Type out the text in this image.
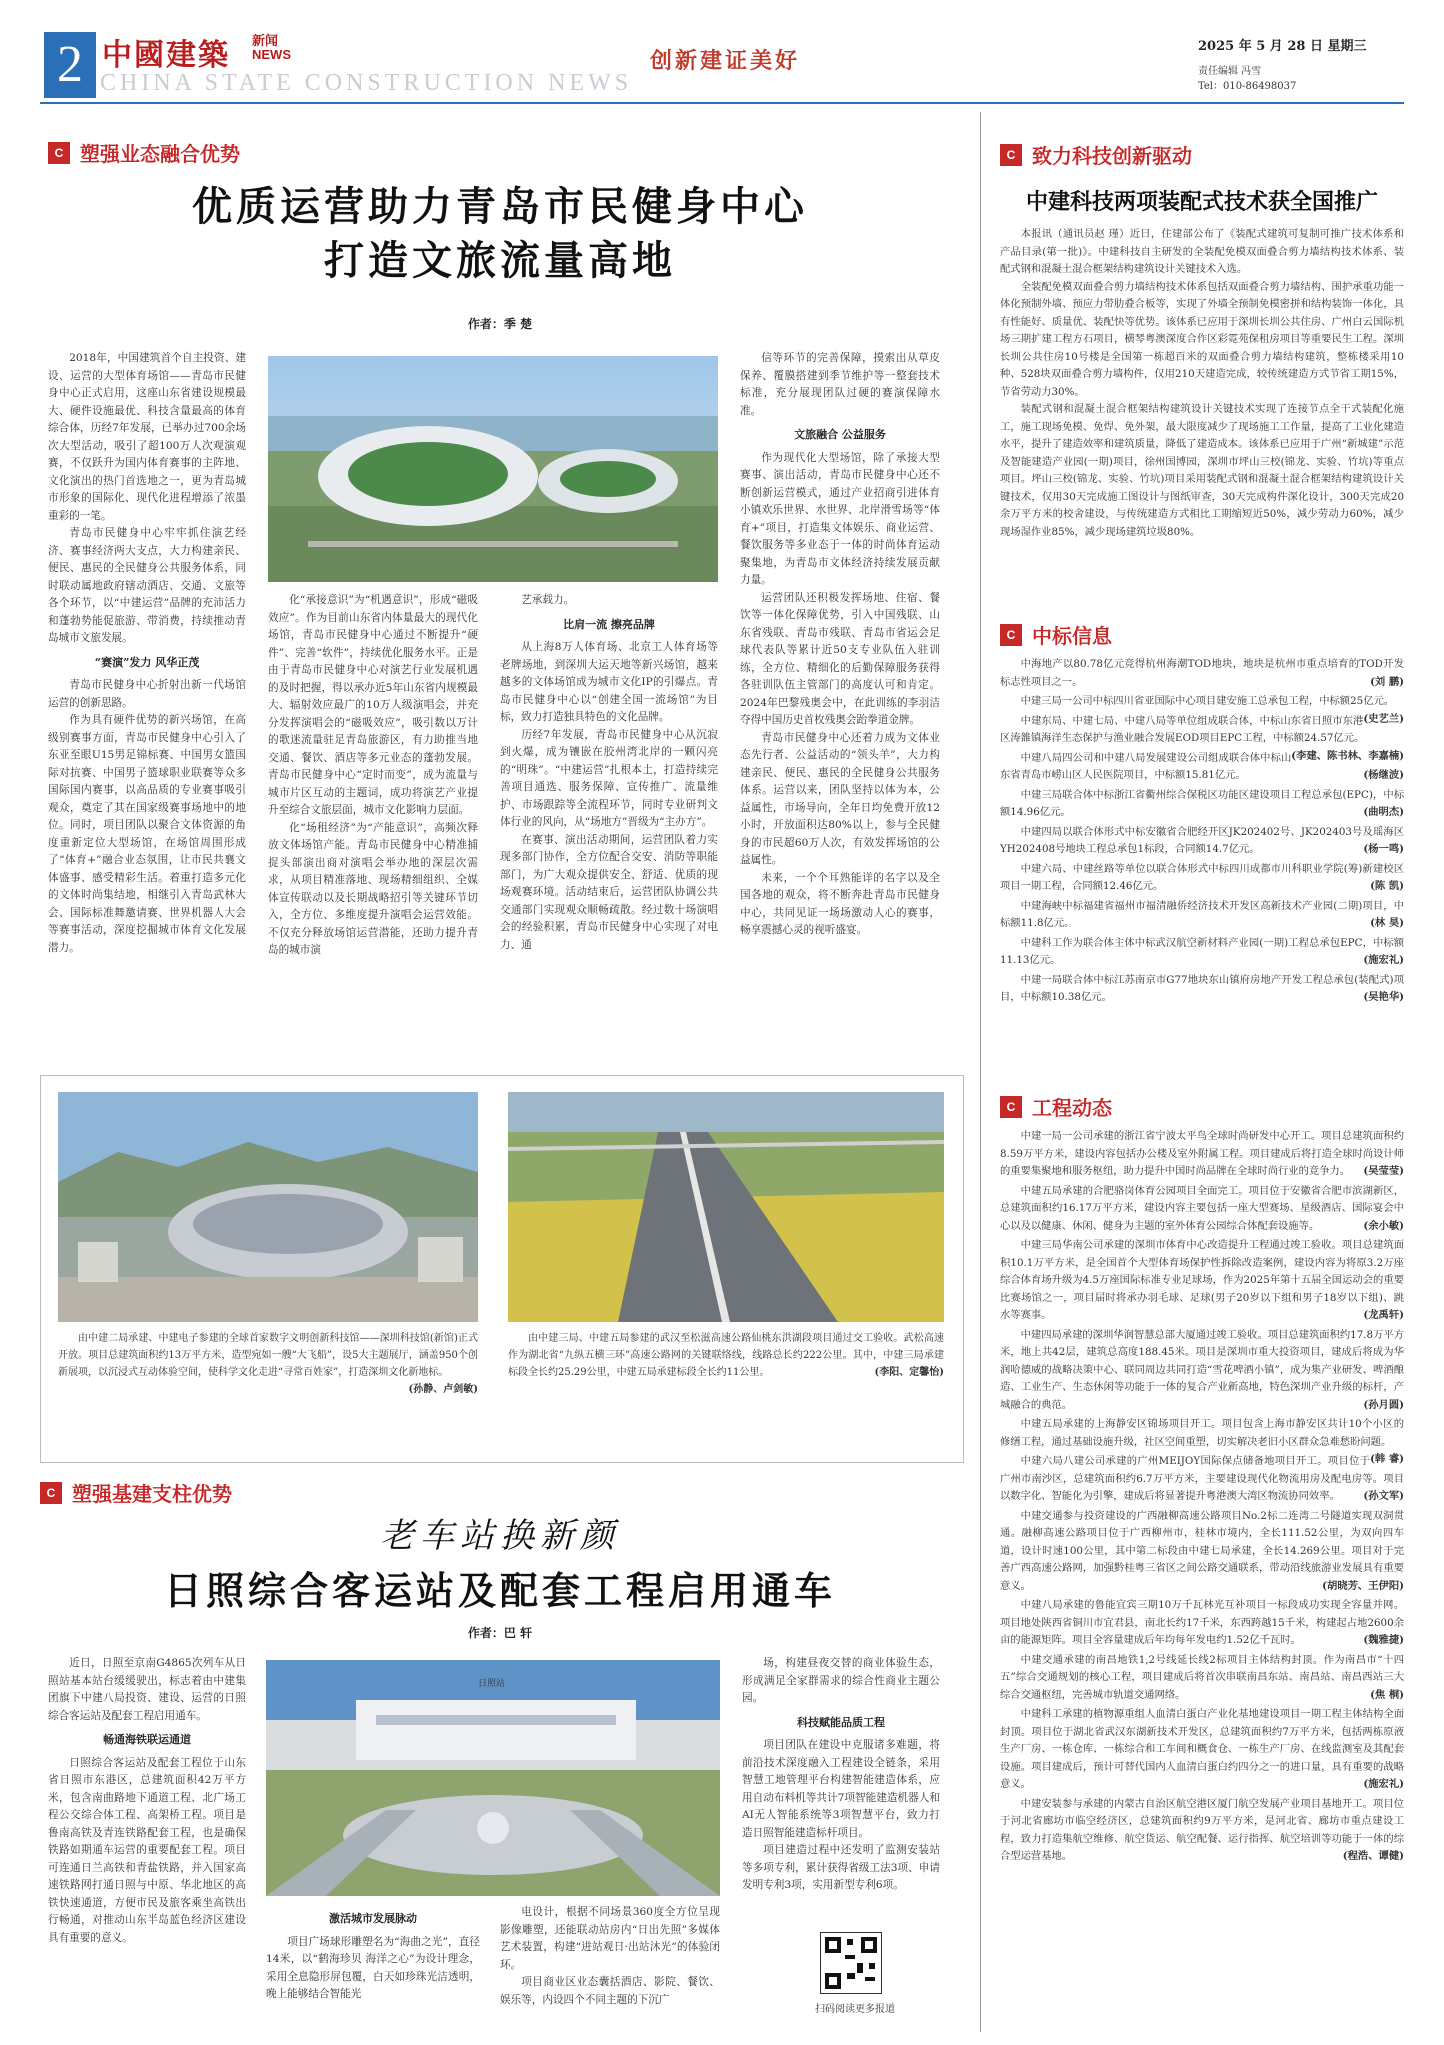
2 中國建築 新闻
NEWS
CHINA STATE CONSTRUCTION NEWS
创新建证美好
2025 年 5 月 28 日 星期三
责任编辑 冯雪
Tel：010-86498037
C 塑强业态融合优势
优质运营助力青岛市民健身中心
打造文旅流量高地
作者：季 楚

2018年，中国建筑首个自主投资、建设、运营的大型体育场馆——青岛市民健身中心正式启用，这座山东省建设规模最大、硬件设施最优、科技含量最高的体育综合体，历经7年发展，已举办过700余场次大型活动，吸引了超100万人次观演观赛，不仅跃升为国内体育赛事的主阵地、文化演出的热门首选地之一，更为青岛城市形象的国际化、现代化进程增添了浓墨重彩的一笔。

青岛市民健身中心牢牢抓住演艺经济、赛事经济两大支点，大力构建亲民、便民、惠民的全民健身公共服务体系，同时联动属地政府辖动酒店、交通、文旅等各个环节，以“中建运营”品牌的充沛活力和蓬勃势能促旅游、带消费，持续推动青岛城市文旅发展。

“赛演”发力 风华正茂

青岛市民健身中心折射出新一代场馆运营的创新思路。

作为具有硬件优势的新兴场馆，在高级别赛事方面，青岛市民健身中心引入了东亚至眼U15男足锦标赛、中国男女篮国际对抗赛、中国男子篮球职业联赛等众多国际国内赛事，以高品质的专业赛事吸引观众，奠定了其在国家级赛事场地中的地位。同时，项目团队以聚合文体资源的角度重新定位大型场馆，在场馆周围形成了“体育+”融合业态氛围，让市民共襄文体盛事、感受精彩生活。着重打造多元化的文体时尚集结地，相继引入青岛武林大会、国际标准舞邀请赛、世界机器人大会等赛事活动，深度挖掘城市体育文化发展潜力。

化“承接意识”为“机遇意识”，形成“磁吸效应”。作为目前山东省内体量最大的现代化场馆，青岛市民健身中心通过不断提升“硬件”、完善“软件”，持续优化服务水平。正是由于青岛市民健身中心对演艺行业发展机遇的及时把握，得以承办近5年山东省内规模最大、辐射效应最广的10万人级演唱会，并充分发挥演唱会的“磁吸效应”，吸引数以万计的歌迷流量驻足青岛旅游区，有力助推当地交通、餐饮、酒店等多元业态的蓬勃发展。青岛市民健身中心“定时而变”，成为流量与城市片区互动的主题词，成功将演艺产业提升至综合文旅层面，城市文化影响力层面。

化“场租经济”为“产能意识”，高频次释放文体场馆产能。青岛市民健身中心精准捕捉头部演出商对演唱会举办地的深层次需求，从项目精准落地、现场精细组织、全媒体宣传联动以及长期战略招引等关键环节切入，全方位、多维度提升演唱会运营效能。不仅充分释放场馆运营潜能，还助力提升青岛的城市演

艺承载力。

比肩一流 擦亮品牌

从上海8万人体育场、北京工人体育场等老牌场地，到深圳大运天地等新兴场馆，越来越多的文体场馆成为城市文化IP的引爆点。青岛市民健身中心以“创建全国一流场馆”为目标，致力打造独具特色的文化品牌。

历经7年发展，青岛市民健身中心从沉寂到火爆，成为镶嵌在胶州湾北岸的一颗闪亮的“明珠”。“中建运营”扎根本土，打造持续完善项目通选、服务保障、宣传推广、流量维护、市场跟踪等全流程环节，同时专业研判文体行业的风向，从“场地方”晋级为“主办方”。

在赛事、演出活动期间，运营团队着力实现多部门协作，全方位配合交安、消防等职能部门，为广大观众提供安全、舒适、优质的现场观赛环境。活动结束后，运营团队协调公共交通部门实现观众顺畅疏散。经过数十场演唱会的经验积累，青岛市民健身中心实现了对电力、通

信等环节的完善保障，摸索出从草皮保养、覆膜搭建到季节维护等一整套技术标准，充分展现团队过硬的赛演保障水准。

文旅融合 公益服务

作为现代化大型场馆，除了承接大型赛事、演出活动，青岛市民健身中心还不断创新运营模式，通过产业招商引进体育小镇欢乐世界、水世界、北岸滑雪场等“体育+”项目，打造集文体娱乐、商业运营、餐饮服务等多业态于一体的时尚体育运动聚集地，为青岛市文体经济持续发展贡献力量。

运营团队还积极发挥场地、住宿、餐饮等一体化保障优势，引入中国残联、山东省残联、青岛市残联、青岛市省运会足球代表队等累计近50支专业队伍入驻训练，全方位、精细化的后勤保障服务获得各驻训队伍主管部门的高度认可和肯定。2024年巴黎残奥会中，在此训练的李羽洁夺得中国历史首枚残奥会跆拳道金牌。

青岛市民健身中心还着力成为文体业态先行者、公益活动的“领头羊”，大力构建亲民、便民、惠民的全民健身公共服务体系。运营以来，团队坚持以体为本，公益属性，市场导向，全年日均免费开放12小时，开放面积达80%以上，参与全民健身的市民超60万人次，有效发挥场馆的公益属性。

未来，一个个耳熟能详的名字以及全国各地的观众，将不断奔赴青岛市民健身中心，共同见证一场场激动人心的赛事，畅享震撼心灵的视听盛宴。

由中建二局承建、中建电子参建的全球首家数字文明创新科技馆——深圳科技馆(新馆)正式开放。项目总建筑面积约13万平方米，造型宛如一艘“大飞船”，设5大主题展厅，涵盖950个创新展项，以沉浸式互动体验空间，使科学文化走进“寻常百姓家”，打造深圳文化新地标。
(孙静、卢剑敏)
由中建三局、中建五局参建的武汉至松滋高速公路仙桃东洪湖段项目通过交工验收。武松高速作为湖北省“九纵五横三环”高速公路网的关键联络线，线路总长约222公里。其中，中建三局承建标段全长约25.29公里，中建五局承建标段全长约11公里。	(李阳、定馨怡)
C 塑强基建支柱优势
老车站换新颜
日照综合客运站及配套工程启用通车
作者：巴 轩

近日，日照至京南G4865次列车从日照站基本站台缓缓驶出，标志着由中建集团旗下中建八局投资、建设、运营的日照综合客运站及配套工程启用通车。

畅通海铁联运通道

日照综合客运站及配套工程位于山东省日照市东港区，总建筑面积42万平方米，包含南曲路地下通道工程、北广场工程公交综合体工程、高架桥工程。项目是鲁南高铁及青连铁路配套工程，也是确保铁路如期通车运营的重要配套工程。项目可连通日兰高铁和青盐铁路，并入国家高速铁路网打通日照与中原、华北地区的高铁快速通道，方便市民及旅客乘坐高铁出行畅通，对推动山东半岛蓝色经济区建设具有重要的意义。

日照站
激活城市发展脉动

项目广场球形雕塑名为“海曲之光”，直径14米，以“鹤海珍贝 海洋之心”为设计理念，采用全息隐形屏包覆，白天如珍珠光洁透明，晚上能够结合智能光

电设计，根据不同场景360度全方位呈现影像雕塑，还能联动站房内“日出先照”多媒体艺术装置，构建“进站观日·出站沐光”的体验闭环。

项目商业区业态囊括酒店、影院、餐饮、娱乐等，内设四个不同主题的下沉广

场，构建昼夜交替的商业体验生态，形成满足全家群需求的综合性商业主题公园。

科技赋能品质工程

项目团队在建设中克服诸多难题，将前沿技术深度融入工程建设全链条，采用智慧工地管理平台构建智能建造体系，应用自动布料机等共计7项智能建造机器人和AI无人智能系统等3项智慧平台，致力打造日照智能建造标杆项目。

项目建造过程中还发明了监测安装站等多项专利，累计获得省级工法3项、申请发明专利3项，实用新型专利6项。

扫码阅读更多报道
C 致力科技创新驱动
中建科技两项装配式技术获全国推广

本报讯（通讯员赵 瑾）近日，住建部公布了《装配式建筑可复制可推广技术体系和产品目录(第一批)》。中建科技自主研发的全装配免模双面叠合剪力墙结构技术体系、装配式钢和混凝土混合框架结构建筑设计关键技术入选。

全装配免模双面叠合剪力墙结构技术体系包括双面叠合剪力墙结构、围护承重功能一体化预制外墙、预应力带肋叠合板等，实现了外墙全预制免模密拼和结构装饰一体化，具有性能好、质量优、装配快等优势。该体系已应用于深圳长圳公共住房、广州白云国际机场三期扩建工程方石项目，横琴粤澳深度合作区彩霓苑保租房项目等重要民生工程。深圳长圳公共住房10号楼是全国第一栋超百米的双面叠合剪力墙结构建筑，整栋楼采用10种、528块双面叠合剪力墙构件，仅用210天建造完成，较传统建造方式节省工期15%，节省劳动力30%。

装配式钢和混凝土混合框架结构建筑设计关键技术实现了连接节点全干式装配化施工，施工现场免模、免焊、免外架，最大限度减少了现场施工工作量，提高了工业化建造水平，提升了建造效率和建筑质量，降低了建造成本。该体系已应用于广州“新城建”示范及智能建造产业园(一期)项目，徐州国博园，深圳市坪山三校(锦龙、实验、竹坑)等重点项目。坪山三校(锦龙、实验、竹坑)项目采用装配式钢和混凝土混合框架结构建筑设计关键技术，仅用30天完成施工图设计与图纸审查，30天完成构件深化设计，300天完成20余万平方米的校舍建设，与传统建造方式相比工期缩短近50%，减少劳动力60%，减少现场湿作业85%，减少现场建筑垃圾80%。

C 中标信息

中海地产以80.78亿元竞得杭州海潮TOD地块，地块是杭州市重点培育的TOD开发标志性项目之一。	(刘 鹏)

中建三局一公司中标四川省亚国际中心项目建安施工总承包工程，中标额25亿元。
(史艺兰)

中建东局、中建七局、中建八局等单位组成联合体，中标山东省日照市东港区涛雒镇海洋生态保护与渔业融合发展EOD项目EPC工程，中标额24.57亿元。
(李建、陈书林、李嘉楠)

中建八局四公司和中建八局发展建设公司组成联合体中标山东省青岛市崂山区人民医院项目，中标额15.81亿元。	(杨继波)

中建三局联合体中标浙江省衢州综合保税区功能区建设项目工程总承包(EPC)，中标额14.96亿元。	(曲明杰)

中建四局以联合体形式中标安徽省合肥经开区JK202402号、JK202403号及瑶海区YH202408号地块工程总承包1标段，合同额14.7亿元。	(杨一鸣)

中建六局、中建丝路等单位以联合体形式中标四川成都市川科职业学院(筹)新建校区项目一期工程，合同额12.46亿元。	(陈 凯)

中建海峡中标福建省福州市福清融侨经济技术开发区高新技术产业园(二期)项目，中标额11.8亿元。	(林 昊)

中建科工作为联合体主体中标武汉航空新材料产业园(一期)工程总承包EPC，中标额11.13亿元。	(施宏礼)

中建一局联合体中标江苏南京市G77地块东山镇府房地产开发工程总承包(装配式)项目，中标额10.38亿元。	(吴艳华)

C 工程动态

中建一局一公司承建的浙江省宁波太平鸟全球时尚研发中心开工。项目总建筑面积约8.59万平方米，建设内容包括办公楼及室外附属工程。项目建成后将打造全球时尚设计师的重要集聚地和服务枢纽，助力提升中国时尚品牌在全球时尚行业的竞争力。 (吴莹莹)

中建五局承建的合肥骆岗体育公园项目全面完工。项目位于安徽省合肥市滨湖新区，总建筑面积约16.17万平方米，建设内容主要包括一座大型赛场、星级酒店、国际宴会中心以及以健康、休闲、健身为主题的室外体育公园综合体配套设施等。	(余小敏)

中建三局华南公司承建的深圳市体育中心改造提升工程通过竣工验收。项目总建筑面积10.1万平方米，是全国首个大型体育场保护性拆除改造案例，建设内容为将原3.2万座综合体育场升级为4.5万座国际标准专业足球场，作为2025年第十五届全国运动会的重要比赛场馆之一，项目届时将承办羽毛球、足球(男子20岁以下组和男子18岁以下组)、跳水等赛事。	(龙禹轩)

中建四局承建的深圳华润智慧总部大厦通过竣工验收。项目总建筑面积约17.8万平方米，地上共42层，建筑总高度188.45米。项目是深圳市重大投资项目，建成后将成为华润哈德威的战略决策中心、联同周边共同打造“雪花啤酒小镇”，成为集产业研发、啤酒酿造、工业生产、生态休闲等功能于一体的复合产业新高地，特色深圳产业升级的标杆，产城融合的典范。	(孙月圆)

中建五局承建的上海静安区锦场项目开工。项目包含上海市静安区共计10个小区的修缮工程，通过基础设施升级，社区空间重塑，切实解决老旧小区群众急难愁盼问题。
(韩 睿)

中建六局八建公司承建的广州MEIJOY国际保点储备地项目开工。项目位于广州市南沙区，总建筑面积约6.7万平方米，主要建设现代化物流用房及配电房等。项目以数字化、智能化为引擎，建成后将显著提升粤港澳大湾区物流协同效率。 (孙文军)

中建交通参与投资建设的广西融柳高速公路项目No.2标二连湾二号隧道实现双洞贯通。融柳高速公路项目位于广西柳州市，桂林市境内，全长111.52公里，为双向四车道，设计时速100公里，其中第二标段由中建七局承建，全长14.269公里。项目对于完善广西高速公路网，加强黔桂粤三省区之间公路交通联系，带动沿线旅游业发展具有重要意义。	(胡晓芳、王伊阳)

中建八局承建的鲁能宜宾三期10万千瓦林光互补项目一标段成功实现全容量并网。项目地处陕西省铜川市宜君县，南北长约17千米，东西跨越15千米，构建起占地2600余亩的能源矩阵。项目全容量建成后年均每年发电约1.52亿千瓦时。	(魏雅捷)

中建交通承建的南昌地铁1,2号线延长线2标项目主体结构封顶。作为南昌市“十四五”综合交通规划的核心工程，项目建成后将首次串联南昌东站、南昌站、南昌西站三大综合交通枢纽，完善城市轨道交通网络。	(焦 桐)

中建科工承建的植物源重组人血清白蛋白产业化基地建设项目一期工程主体结构全面封顶。项目位于湖北省武汉东湖新技术开发区，总建筑面积约7万平方米，包括两栋原液生产厂房、一栋仓库、一栋综合和工车间和概食仓、一栋生产厂房、在线监测室及其配套设施。项目建成后，预计可替代国内人血清白蛋白约四分之一的进口量，具有重要的战略意义。	(施宏礼)

中建安装参与承建的内蒙古自治区航空港区厦门航空发展产业项目基地开工。项目位于河北省廊坊市临空经济区，总建筑面积约9万平方米，是河北省、廊坊市重点建设工程，致力打造集航空维修、航空货运、航空配餐、运行指挥、航空培训等功能于一体的综合型运营基地。	(程浩、谭健)
